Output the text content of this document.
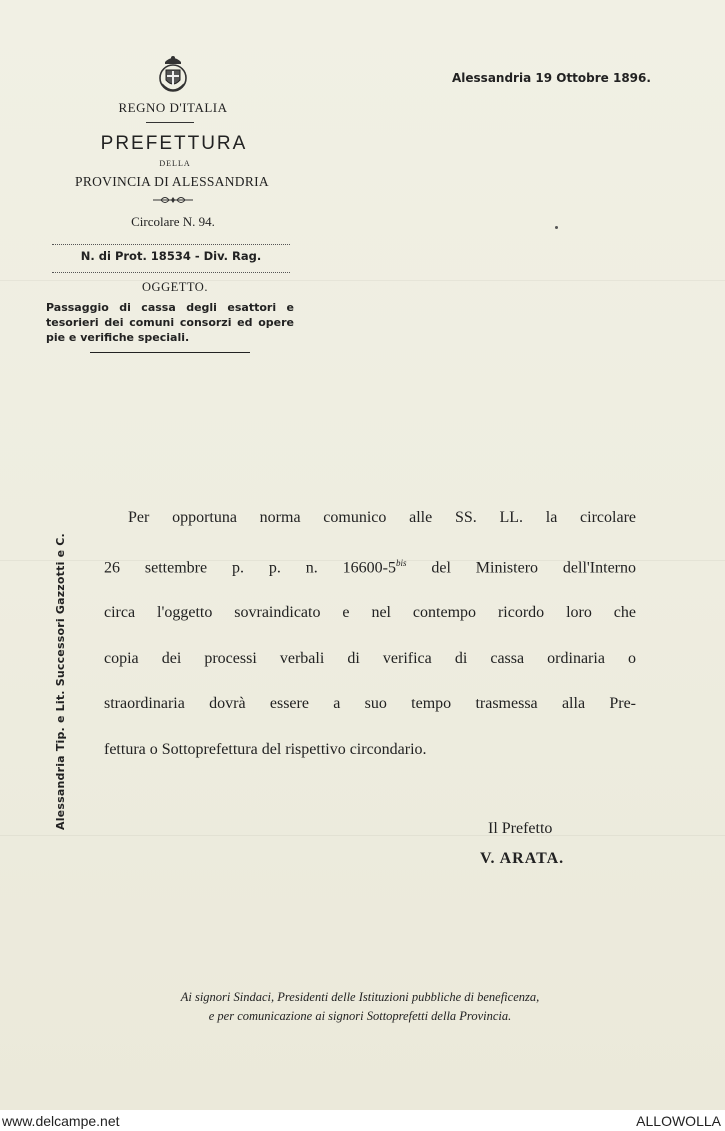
REGNO D'ITALIA
PREFETTURA
DELLA
PROVINCIA DI ALESSANDRIA
Circolare N. 94.
N. di Prot. 18534 - Div. Rag.
OGGETTO.
Passaggio di cassa degli esattori e tesorieri dei comuni consorzi ed opere pie e verifiche speciali.
Alessandria 19 Ottobre 1896.
Alessandria Tip. e Lit. Successori Gazzotti e C.
Per opportuna norma comunico alle SS. LL. la circolare
26 settembre p. p. n. $16600-5^{bis}$ del Ministero dell'Interno
circa l'oggetto sovraindicato e nel contempo ricordo loro che
copia dei processi verbali di verifica di cassa ordinaria o
straordinaria dovrà essere a suo tempo trasmessa alla Pre-
fettura o Sottoprefettura del rispettivo circondario.
Il Prefetto
V. ARATA.
Ai signori Sindaci, Presidenti delle Istituzioni pubbliche di beneficenza,
e per comunicazione ai signori Sottoprefetti della Provincia.
www.delcampe.net	ALLOWOLLA
